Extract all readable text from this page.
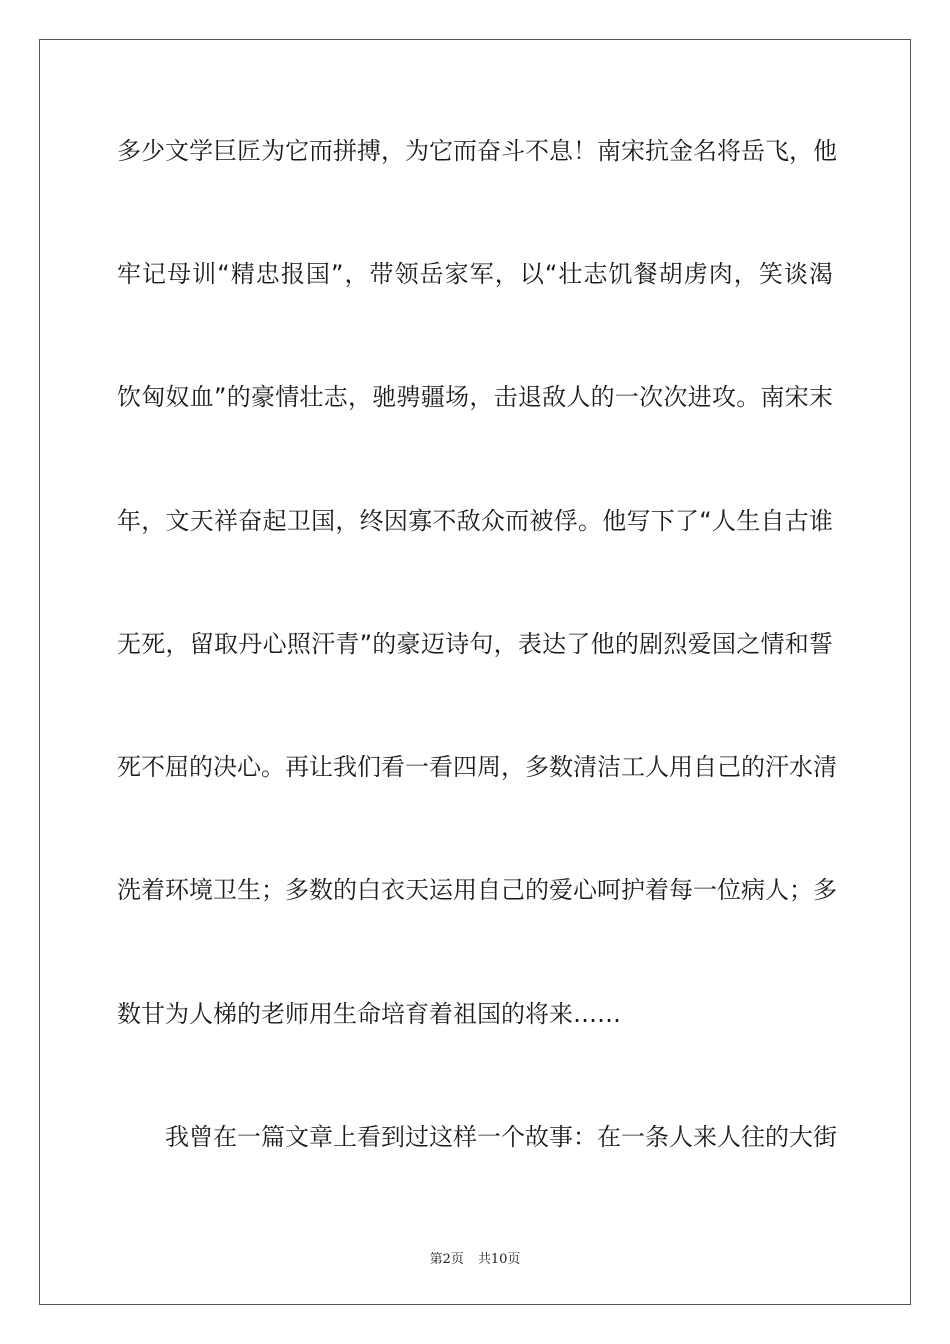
多少文学巨匠为它而拼搏，为它而奋斗不息！南宋抗金名将岳飞，他
牢记母训“精忠报国”，带领岳家军，以“壮志饥餐胡虏肉，笑谈渴
饮匈奴血”的豪情壮志，驰骋疆场，击退敌人的一次次进攻。南宋末
年，文天祥奋起卫国，终因寡不敌众而被俘。他写下了“人生自古谁
无死，留取丹心照汗青”的豪迈诗句，表达了他的剧烈爱国之情和誓
死不屈的决心。再让我们看一看四周，多数清洁工人用自己的汗水清
洗着环境卫生；多数的白衣天运用自己的爱心呵护着每一位病人；多
数甘为人梯的老师用生命培育着祖国的将来……
我曾在一篇文章上看到过这样一个故事：在一条人来人往的大街
第2页 共10页
